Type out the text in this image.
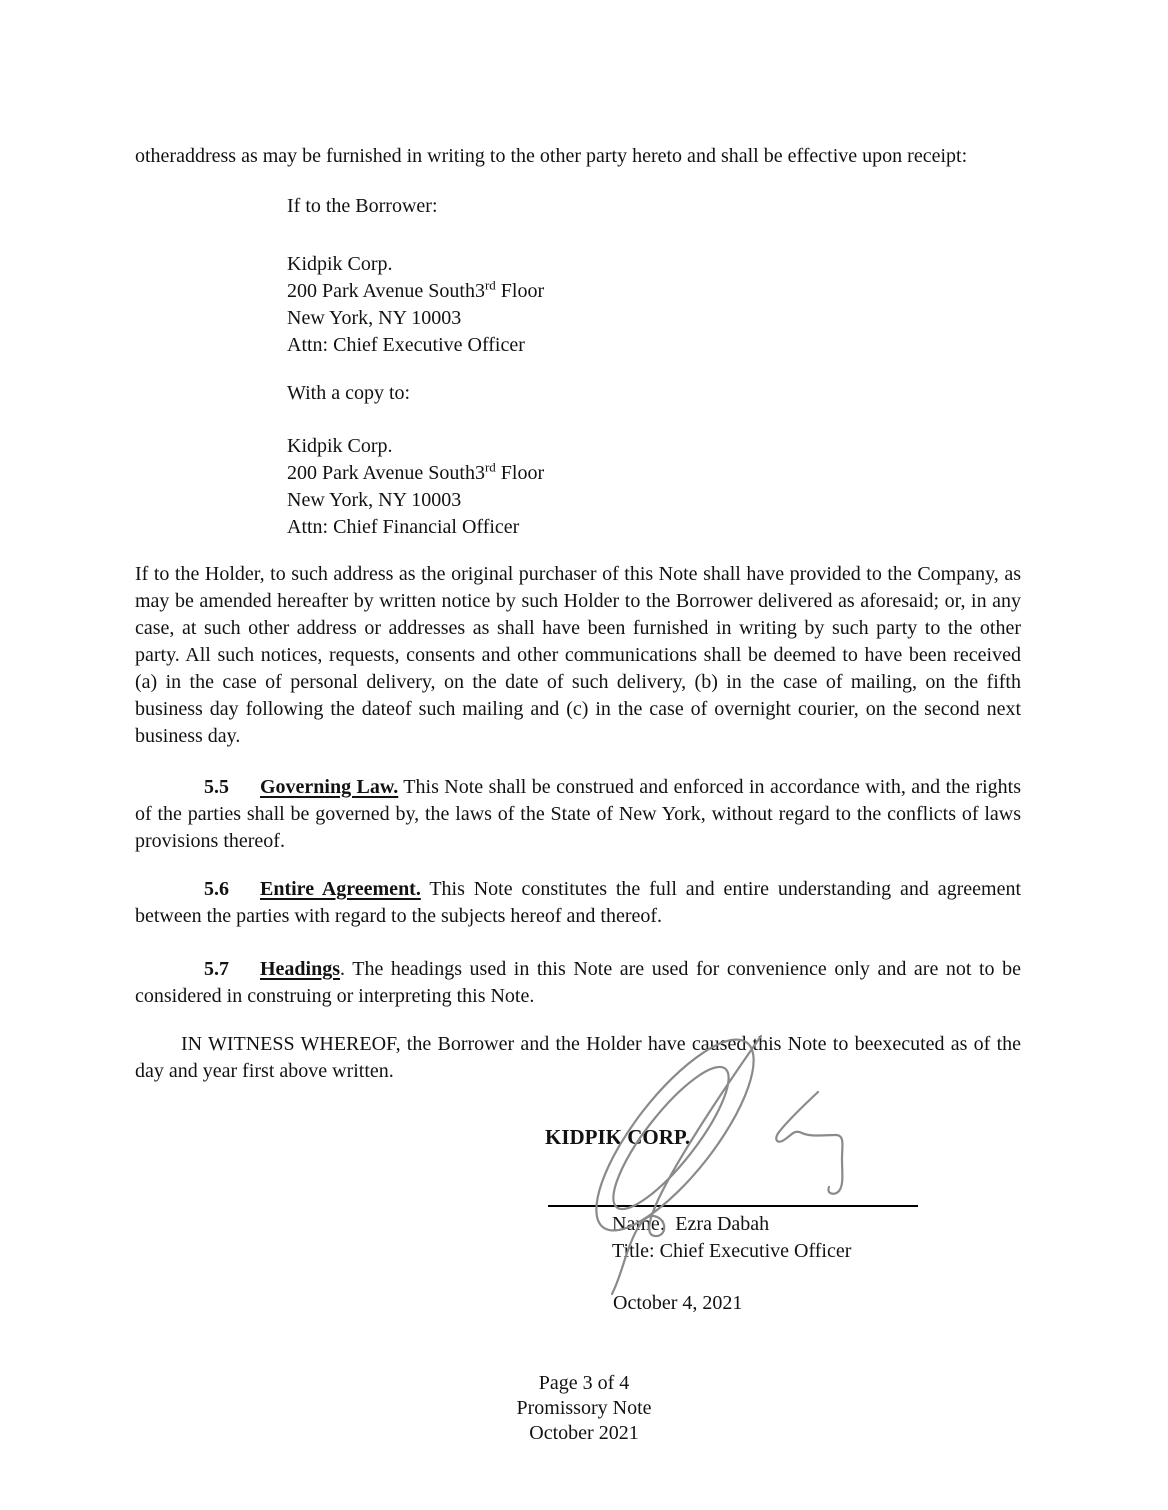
otheraddress as may be furnished in writing to the other party hereto and shall be effective upon receipt:

If to the Borrower:

Kidpik Corp.
200 Park Avenue South3rd Floor
New York, NY 10003
Attn: Chief Executive Officer

With a copy to:

Kidpik Corp.
200 Park Avenue South3rd Floor
New York, NY 10003
Attn: Chief Financial Officer

If to the Holder, to such address as the original purchaser of this Note shall have provided to the Company, as may be amended hereafter by written notice by such Holder to the Borrower delivered as aforesaid; or, in any case, at such other address or addresses as shall have been furnished in writing by such party to the other party. All such notices, requests, consents and other communications shall be deemed to have been received (a) in the case of personal delivery, on the date of such delivery, (b) in the case of mailing, on the fifth business day following the dateof such mailing and (c) in the case of overnight courier, on the second next business day.

5.5 Governing Law. This Note shall be construed and enforced in accordance with, and the rights of the parties shall be governed by, the laws of the State of New York, without regard to the conflicts of laws provisions thereof.

5.6 Entire Agreement. This Note constitutes the full and entire understanding and agreement between the parties with regard to the subjects hereof and thereof.

5.7 Headings. The headings used in this Note are used for convenience only and are not to be considered in construing or interpreting this Note.

IN WITNESS WHEREOF, the Borrower and the Holder have caused this Note to beexecuted as of the day and year first above written.

KIDPIK CORP.
Name:  Ezra Dabah
Title: Chief Executive Officer
October 4, 2021
Page 3 of 4
Promissory Note
October 2021
